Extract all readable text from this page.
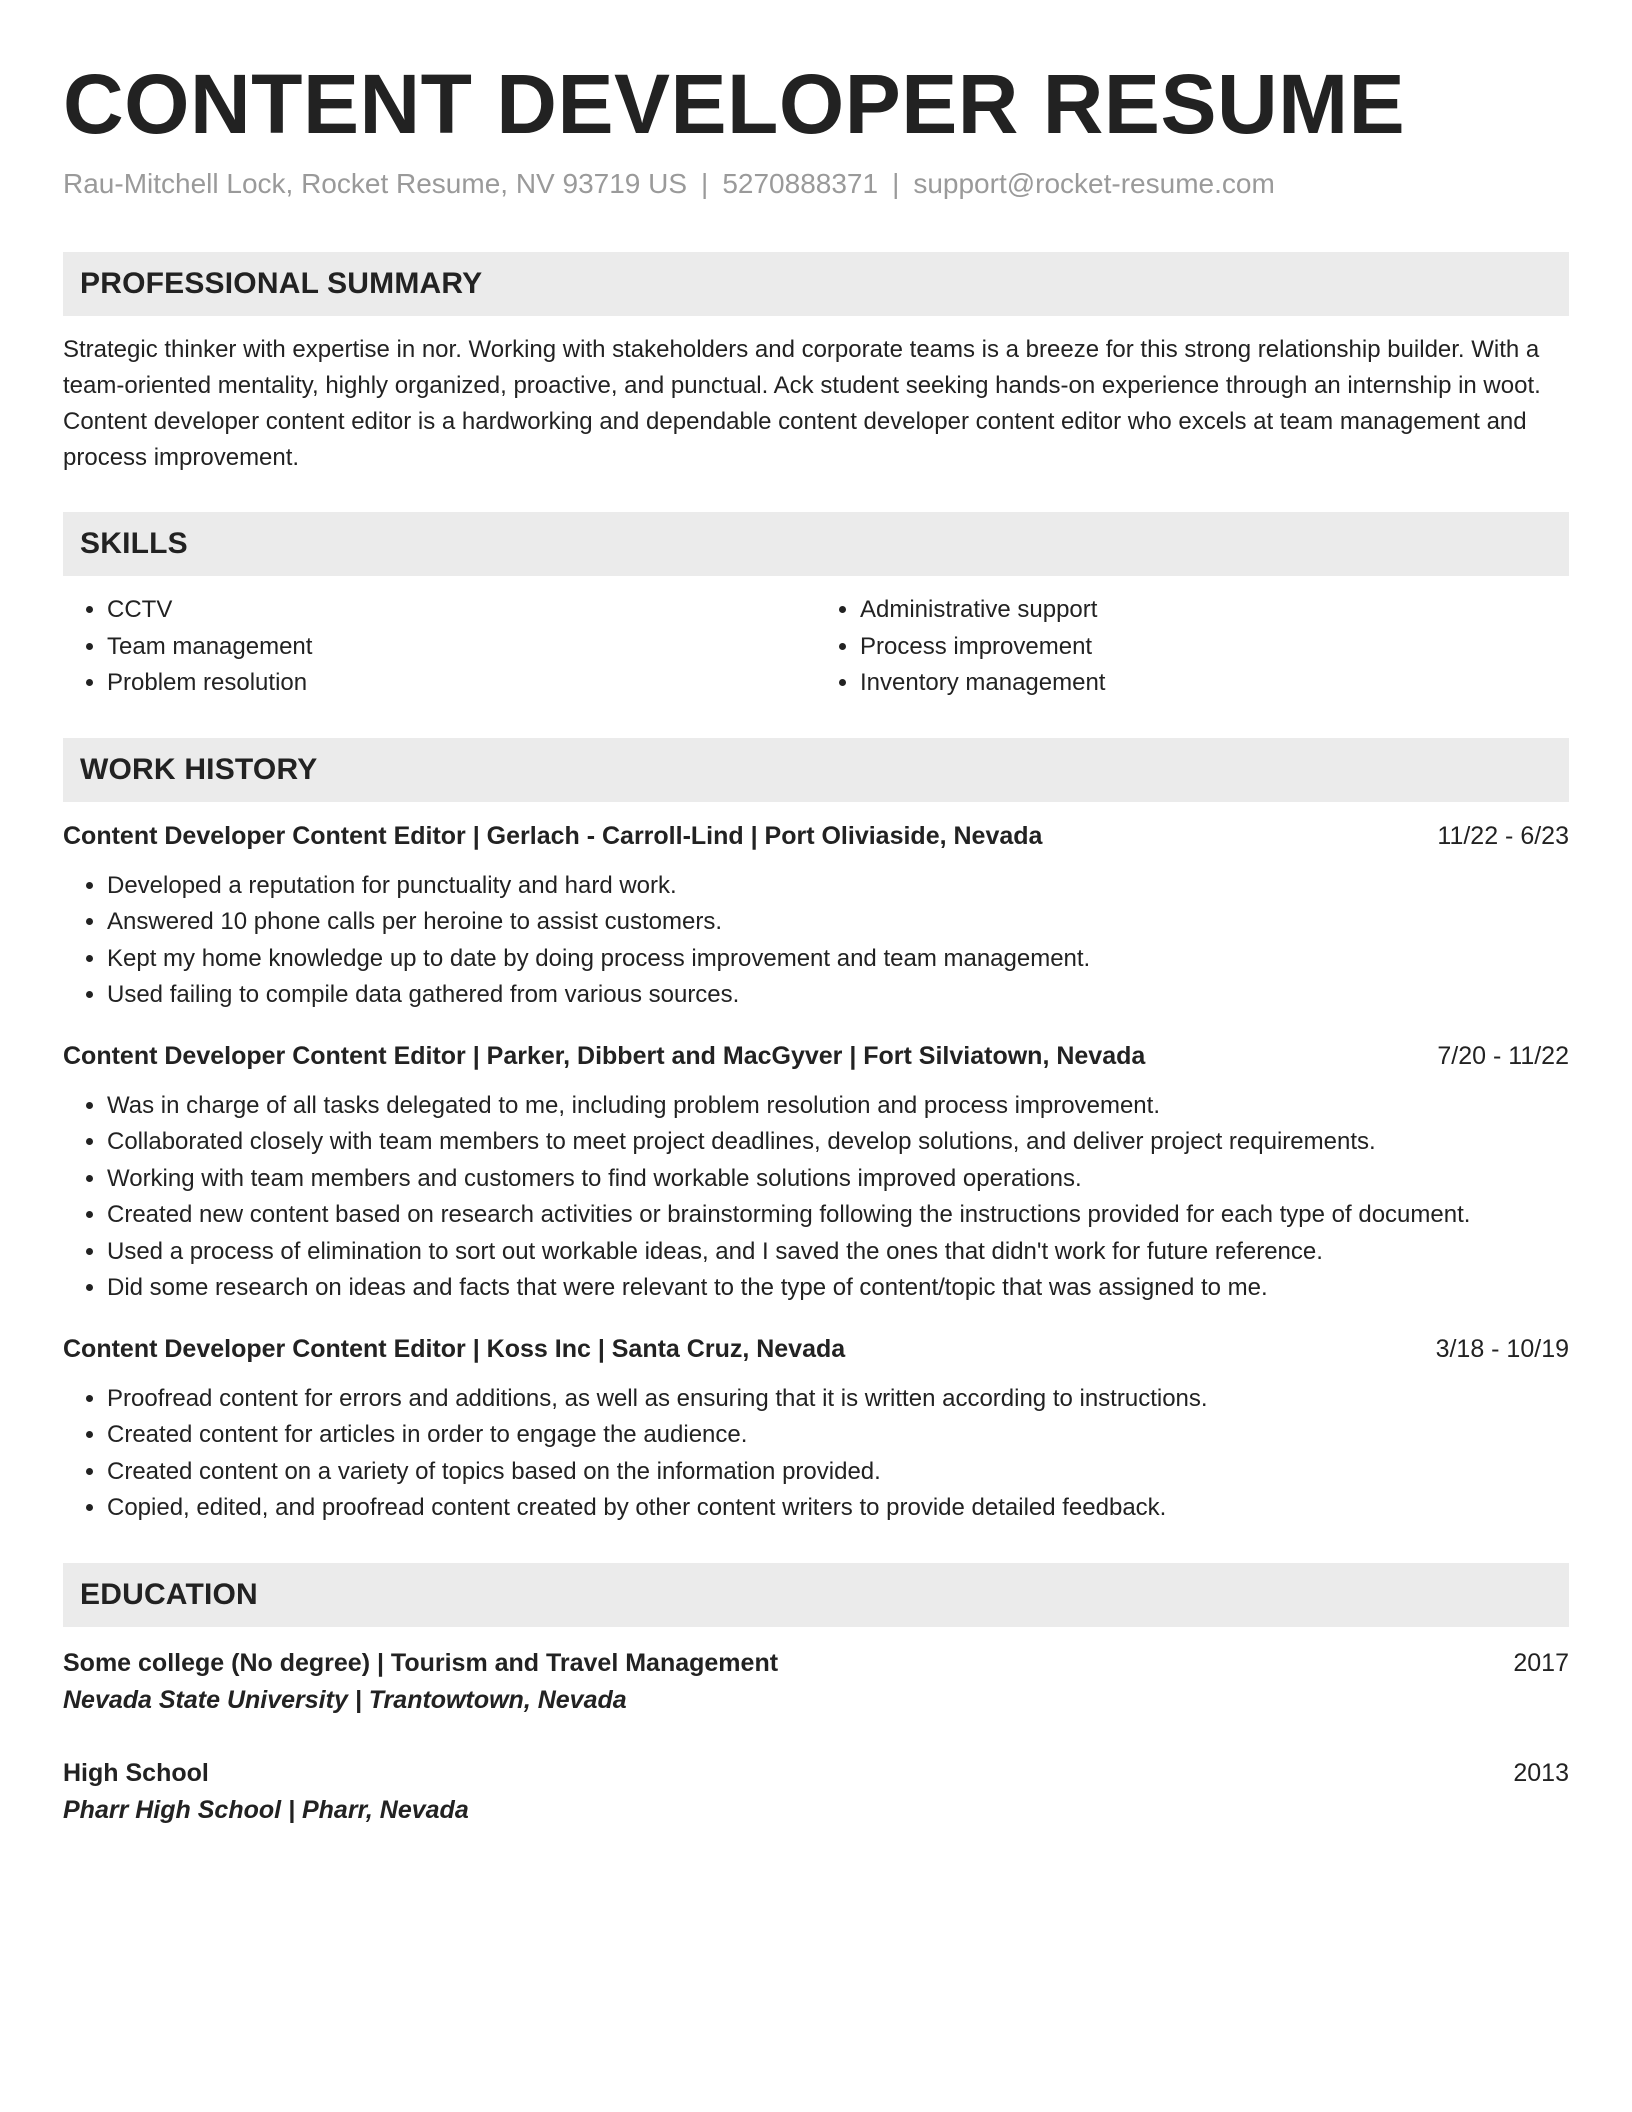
CONTENT DEVELOPER RESUME
Rau-Mitchell Lock, Rocket Resume, NV 93719 US | 5270888371 | support@rocket-resume.com
PROFESSIONAL SUMMARY
Strategic thinker with expertise in nor. Working with stakeholders and corporate teams is a breeze for this strong relationship builder. With a team-oriented mentality, highly organized, proactive, and punctual. Ack student seeking hands-on experience through an internship in woot. Content developer content editor is a hardworking and dependable content developer content editor who excels at team management and process improvement.
SKILLS
• CCTV
• Team management
• Problem resolution
• Administrative support
• Process improvement
• Inventory management
WORK HISTORY
Content Developer Content Editor | Gerlach - Carroll-Lind | Port Oliviaside, Nevada	11/22 - 6/23
• Developed a reputation for punctuality and hard work.
• Answered 10 phone calls per heroine to assist customers.
• Kept my home knowledge up to date by doing process improvement and team management.
• Used failing to compile data gathered from various sources.
Content Developer Content Editor | Parker, Dibbert and MacGyver | Fort Silviatown, Nevada	7/20 - 11/22
• Was in charge of all tasks delegated to me, including problem resolution and process improvement.
• Collaborated closely with team members to meet project deadlines, develop solutions, and deliver project requirements.
• Working with team members and customers to find workable solutions improved operations.
• Created new content based on research activities or brainstorming following the instructions provided for each type of document.
• Used a process of elimination to sort out workable ideas, and I saved the ones that didn't work for future reference.
• Did some research on ideas and facts that were relevant to the type of content/topic that was assigned to me.
Content Developer Content Editor | Koss Inc | Santa Cruz, Nevada	3/18 - 10/19
• Proofread content for errors and additions, as well as ensuring that it is written according to instructions.
• Created content for articles in order to engage the audience.
• Created content on a variety of topics based on the information provided.
• Copied, edited, and proofread content created by other content writers to provide detailed feedback.
EDUCATION
Some college (No degree) | Tourism and Travel Management	2017
Nevada State University | Trantowtown, Nevada
High School	2013
Pharr High School | Pharr, Nevada
